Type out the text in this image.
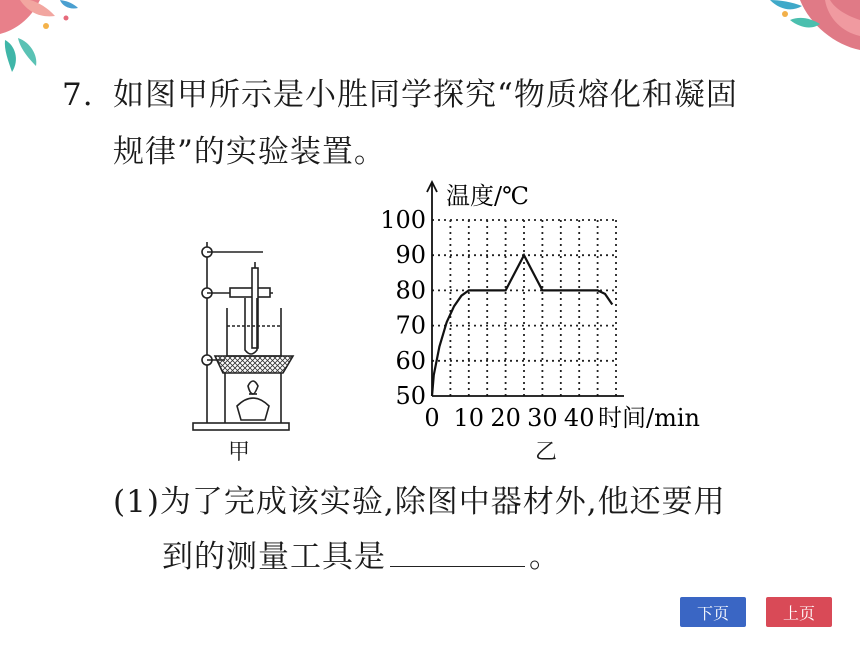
7. 如图甲所示是小胜同学探究“物质熔化和凝固
规律”的实验装置。
甲
50
60
70
80
90
100
0 10 20 30 40
温度/℃
时间/min
乙
(1)为了完成该实验,除图中器材外,他还要用
到的测量工具是	。
下页	上页
